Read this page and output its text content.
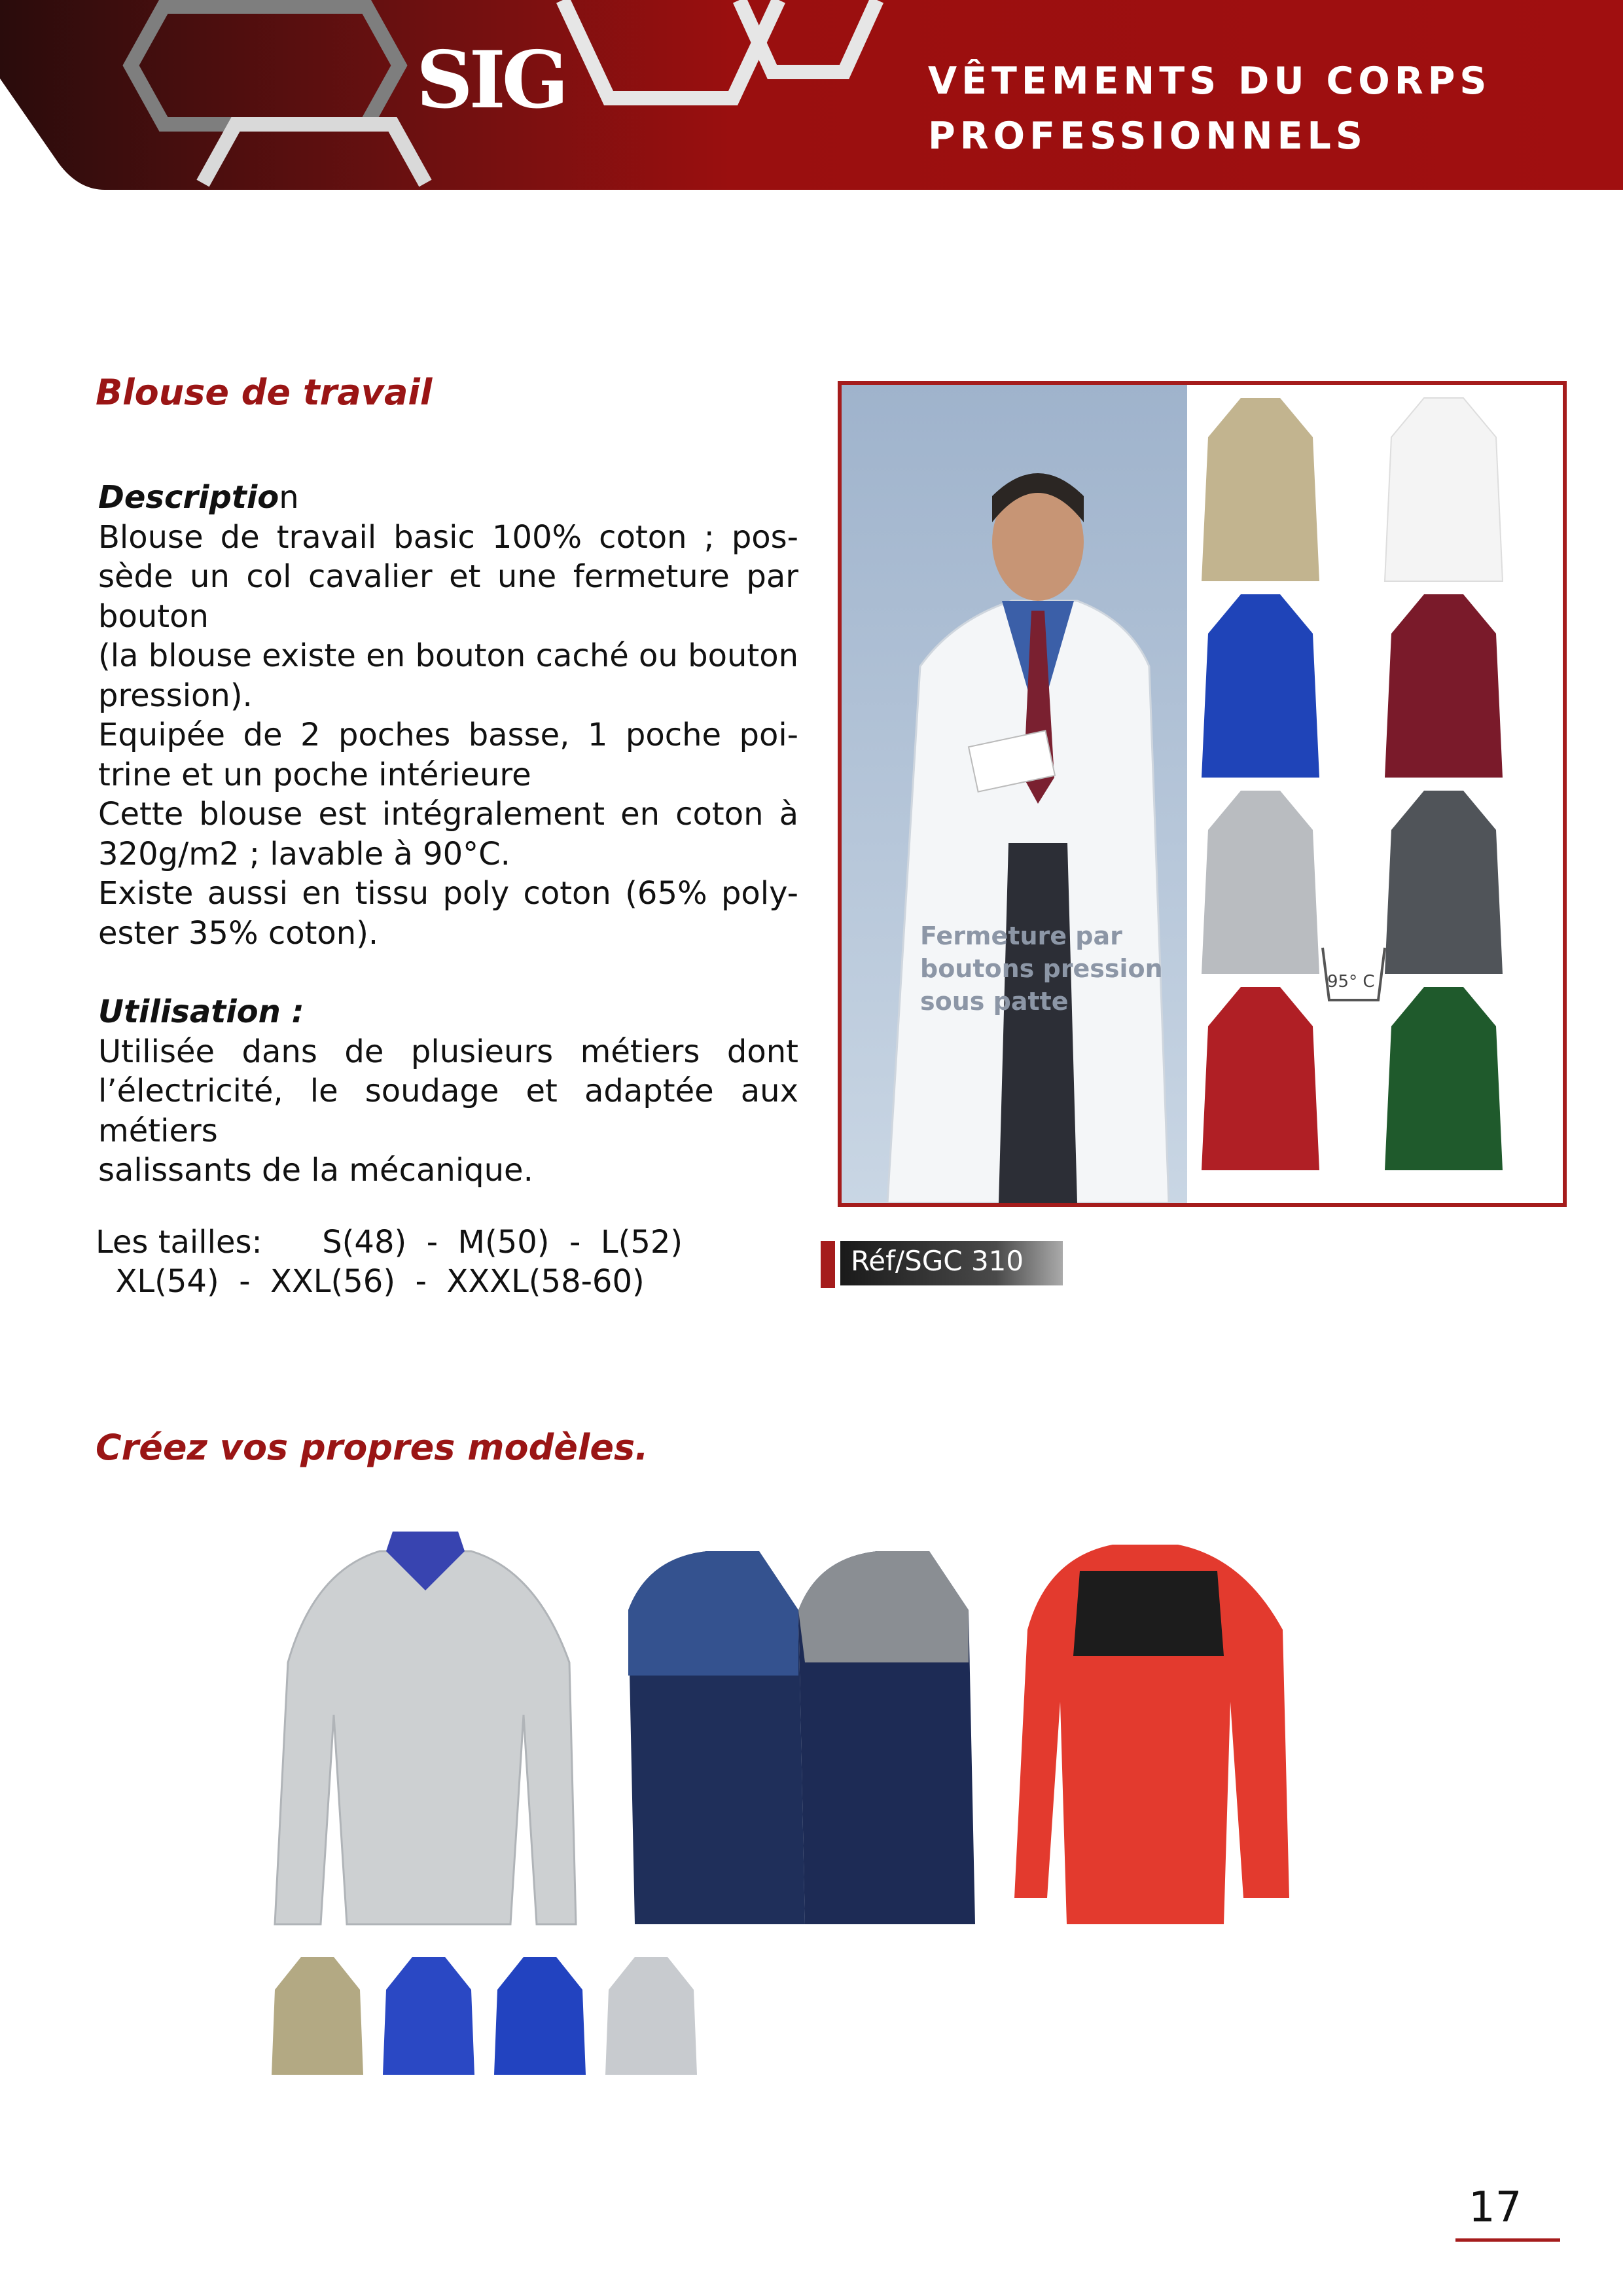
SIG	VÊTEMENTS DU CORPS
PROFESSIONNELS
Blouse de travail
Description
Blouse de travail basic 100% coton ; pos-sède un col cavalier et une fermeture par bouton
(la blouse existe en bouton caché ou bouton pression).
Equipée de 2 poches basse, 1 poche poi-trine et un poche intérieure
Cette blouse est intégralement en coton à 320g/m2 ; lavable à 90°C.
Existe aussi en tissu poly coton (65% poly-ester 35% coton).
Utilisation :
Utilisée dans de plusieurs métiers dont l’électricité, le soudage et adaptée aux métiers
salissants de la mécanique.
Les tailles: S(48)  -  M(50)  -  L(52)
XL(54)  -  XXL(56)  -  XXXL(58-60)
Fermeture par
boutons pression
sous patte
95° C
Réf/SGC 310
Créez vos propres modèles.
17
